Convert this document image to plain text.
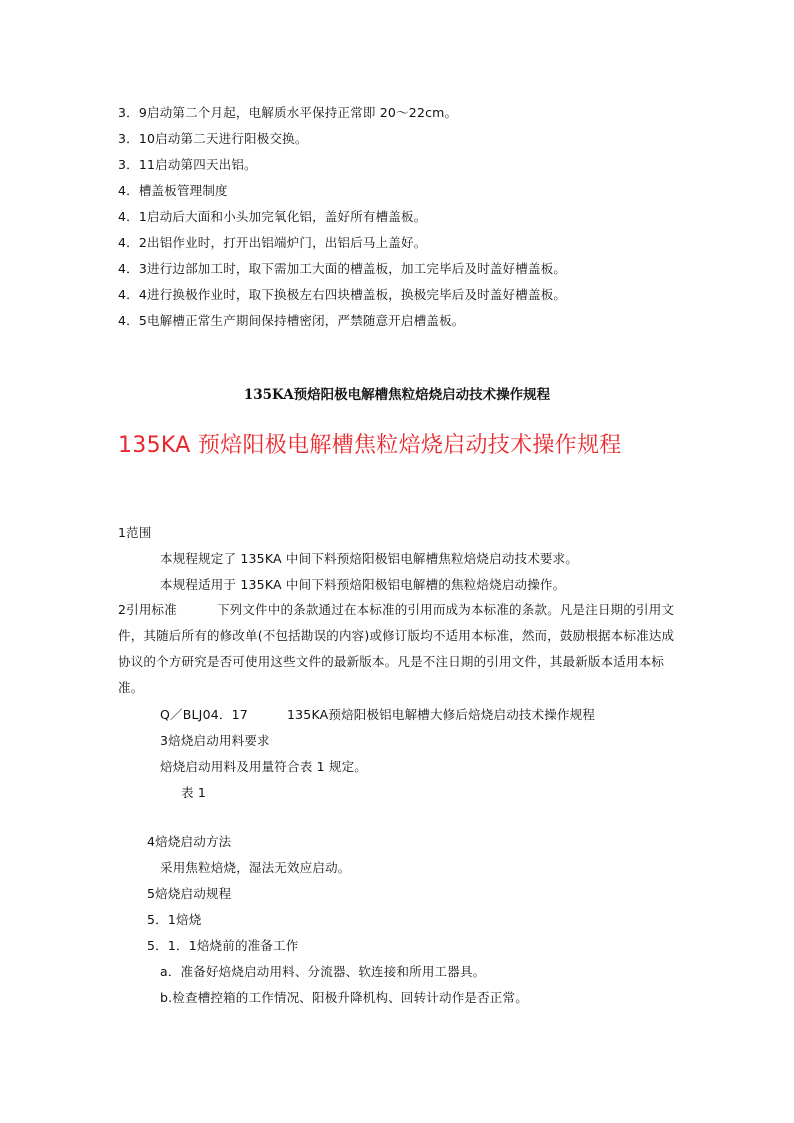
3．9启动第二个月起，电解质水平保持正常即 20～22cm。
3．10启动第二天进行阳极交换。
3．11启动第四天出铝。
4．槽盖板管理制度
4．1启动后大面和小头加完氧化铝，盖好所有槽盖板。
4．2出铝作业时，打开出铝端炉门，出铝后马上盖好。
4．3进行边部加工时，取下需加工大面的槽盖板，加工完毕后及时盖好槽盖板。
4．4进行换极作业时，取下换极左右四块槽盖板，换极完毕后及时盖好槽盖板。
4．5电解槽正常生产期间保持槽密闭，严禁随意开启槽盖板。
135KA预焙阳极电解槽焦粒焙烧启动技术操作规程
135KA 预焙阳极电解槽焦粒焙烧启动技术操作规程
1范围
本规程规定了 135KA 中间下料预焙阳极铝电解槽焦粒焙烧启动技术要求。
本规程适用于 135KA 中间下料预焙阳极铝电解槽的焦粒焙烧启动操作。
2引用标准	下列文件中的条款通过在本标准的引用而成为本标准的条款。凡是注日期的引用文件，其随后所有的修改单(不包括勘误的内容)或修订版均不适用本标准，然而，鼓励根据本标准达成协议的个方研究是否可使用这些文件的最新版本。凡是不注日期的引用文件，其最新版本适用本标准。
Q／BLJ04．17	135KA预焙阳极铝电解槽大修后焙烧启动技术操作规程
3焙烧启动用料要求
焙烧启动用料及用量符合表 1 规定。
表 1
4焙烧启动方法
采用焦粒焙烧，湿法无效应启动。
5焙烧启动规程
5．1焙烧
5．1．1焙烧前的准备工作
a．准备好焙烧启动用料、分流器、软连接和所用工器具。
b.检查槽控箱的工作情况、阳极升降机构、回转计动作是否正常。
